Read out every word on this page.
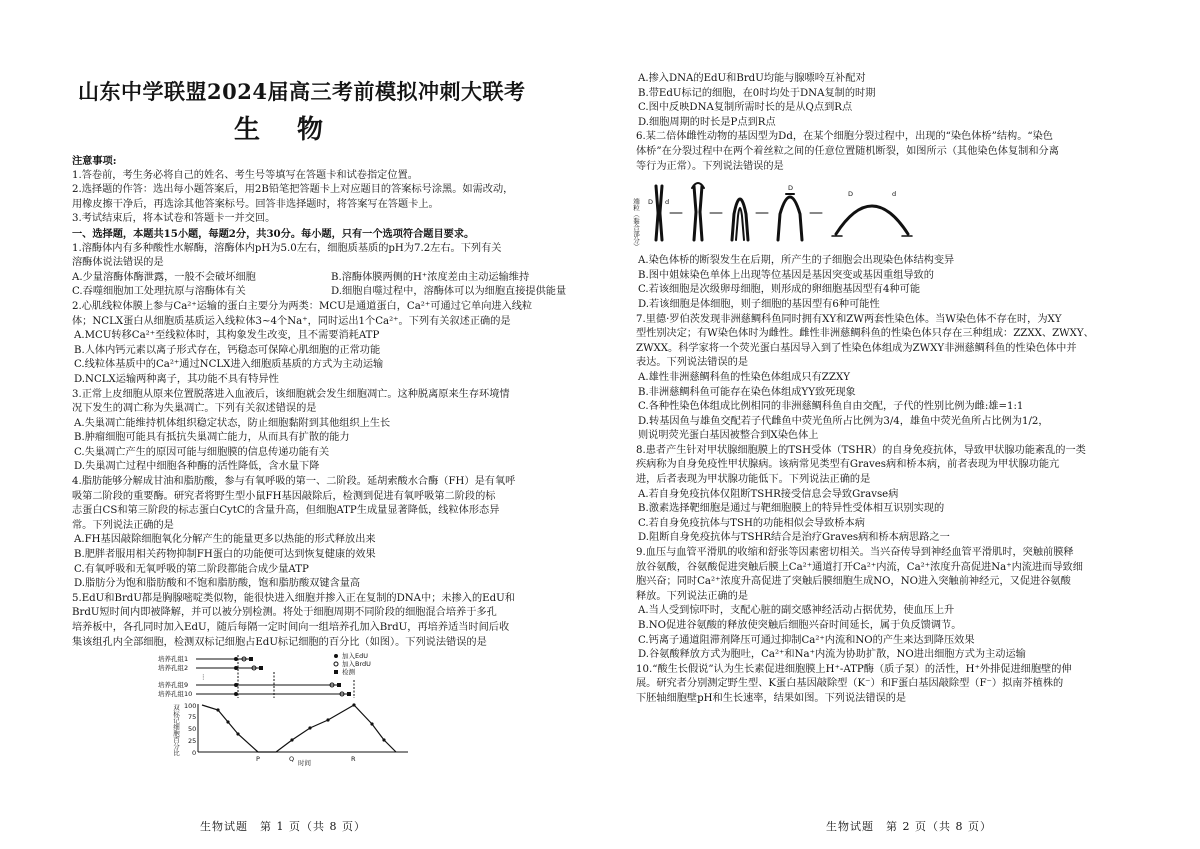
山东中学联盟2024届高三考前模拟冲刺大联考

生 物

注意事项:

1.答卷前，考生务必将自己的姓名、考生号等填写在答题卡和试卷指定位置。

2.选择题的作答：选出每小题答案后，用2B铅笔把答题卡上对应题目的答案标号涂黑。如需改动，

用橡皮擦干净后，再选涂其他答案标号。回答非选择题时，将答案写在答题卡上。

3.考试结束后，将本试卷和答题卡一并交回。

一、选择题，本题共15小题，每题2分，共30分。每小题，只有一个选项符合题目要求。

1.溶酶体内有多种酸性水解酶，溶酶体内pH为5.0左右，细胞质基质的pH为7.2左右。下列有关

溶酶体说法错误的是

A.少量溶酶体酶泄露，一般不会破坏细胞	B.溶酶体膜两侧的H⁺浓度差由主动运输维持
C.吞噬细胞加工处理抗原与溶酶体有关	D.细胞自噬过程中，溶酶体可以为细胞直接提供能量

2.心肌线粒体膜上参与Ca²⁺运输的蛋白主要分为两类：MCU是通道蛋白，Ca²⁺可通过它单向进入线粒

体；NCLX蛋白从细胞质基质运入线粒体3~4个Na⁺，同时运出1个Ca²⁺。下列有关叙述正确的是

A.MCU转移Ca²⁺至线粒体时，其构象发生改变，且不需要消耗ATP

B.人体内钙元素以离子形式存在，钙稳态可保障心肌细胞的正常功能

C.线粒体基质中的Ca²⁺通过NCLX进入细胞质基质的方式为主动运输

D.NCLX运输两种离子，其功能不具有特异性

3.正常上皮细胞从原来位置脱落进入血液后，该细胞就会发生细胞凋亡。这种脱离原来生存环境情

况下发生的凋亡称为失巢凋亡。下列有关叙述错误的是

A.失巢凋亡能维持机体组织稳定状态，防止细胞黏附到其他组织上生长

B.肿瘤细胞可能具有抵抗失巢凋亡能力，从而具有扩散的能力

C.失巢凋亡产生的原因可能与细胞膜的信息传递功能有关

D.失巢凋亡过程中细胞各种酶的活性降低，含水量下降

4.脂肪能够分解成甘油和脂肪酸，参与有氧呼吸的第一、二阶段。延胡索酸水合酶（FH）是有氧呼

吸第二阶段的重要酶。研究者将野生型小鼠FH基因敲除后，检测到促进有氧呼吸第二阶段的标

志蛋白CS和第三阶段的标志蛋白CytC的含量升高，但细胞ATP生成量显著降低，线粒体形态异

常。下列说法正确的是

A.FH基因敲除细胞氧化分解产生的能量更多以热能的形式释放出来

B.肥胖者服用相关药物抑制FH蛋白的功能便可达到恢复健康的效果

C.有氧呼吸和无氧呼吸的第二阶段都能合成少量ATP

D.脂肪分为饱和脂肪酸和不饱和脂肪酸，饱和脂肪酸双键含量高

5.EdU和BrdU都是胸腺嘧啶类似物，能很快进入细胞并掺入正在复制的DNA中；未掺入的EdU和

BrdU短时间内即被降解，并可以被分别检测。将处于细胞周期不同阶段的细胞混合培养于多孔

培养板中，各孔同时加入EdU，随后每隔一定时间向一组培养孔加入BrdU，再培养适当时间后收

集该组孔内全部细胞，检测双标记细胞占EdU标记细胞的百分比（如图）。下列说法错误的是

培养孔组1
培养孔组2
培养孔组9
培养孔组10
⋮
加入EdU
加入BrdU
检测
双标记细胞百分比 100
75
50
25
0
P	Q	R
时间
生物试题　第 1 页（共 8 页）

A.掺入DNA的EdU和BrdU均能与腺嘌呤互补配对

B.带EdU标记的细胞，在0时均处于DNA复制的时期

C.图中反映DNA复制所需时长的是从Q点到R点

D.细胞周期的时长是P点到R点

6.某二倍体雌性动物的基因型为Dd，在某个细胞分裂过程中，出现的“染色体桥”结构。“染色

体桥”在分裂过程中在两个着丝粒之间的任意位置随机断裂，如图所示（其他染色体复制和分离

等行为正常）。下列说法错误的是

端粒（黏合部分） D d
D
D	d

A.染色体桥的断裂发生在后期，所产生的子细胞会出现染色体结构变异

B.图中姐妹染色单体上出现等位基因是基因突变或基因重组导致的

C.若该细胞是次级卵母细胞，则形成的卵细胞基因型有4种可能

D.若该细胞是体细胞，则子细胞的基因型有6种可能性

7.里德·罗伯茨发现非洲慈鲷科鱼同时拥有XY和ZW两套性染色体。当W染色体不存在时，为XY

型性别决定；有W染色体时为雌性。雌性非洲慈鲷科鱼的性染色体只存在三种组成：ZZXX、ZWXY、

ZWXX。科学家将一个荧光蛋白基因导入到了性染色体组成为ZWXY非洲慈鲷科鱼的性染色体中并

表达。下列说法错误的是

A.雄性非洲慈鲷科鱼的性染色体组成只有ZZXY

B.非洲慈鲷科鱼可能存在染色体组成YY致死现象

C.各种性染色体组成比例相同的非洲慈鲷科鱼自由交配，子代的性别比例为雌:雄=1:1

D.转基因鱼与雄鱼交配若子代雌鱼中荧光鱼所占比例为3/4，雄鱼中荧光鱼所占比例为1/2，

则说明荧光蛋白基因被整合到X染色体上

8.患者产生针对甲状腺细胞膜上的TSH受体（TSHR）的自身免疫抗体，导致甲状腺功能紊乱的一类

疾病称为自身免疫性甲状腺病。该病常见类型有Graves病和桥本病，前者表现为甲状腺功能亢

进，后者表现为甲状腺功能低下。下列说法正确的是

A.若自身免疫抗体仅阻断TSHR接受信息会导致Gravse病

B.激素选择靶细胞是通过与靶细胞膜上的特异性受体相互识别实现的

C.若自身免疫抗体与TSH的功能相似会导致桥本病

D.阻断自身免疫抗体与TSHR结合是治疗Graves病和桥本病思路之一

9.血压与血管平滑肌的收缩和舒张等因素密切相关。当兴奋传导到神经血管平滑肌时，突触前膜释

放谷氨酸，谷氨酸促进突触后膜上Ca²⁺通道打开Ca²⁺内流，Ca²⁺浓度升高促进Na⁺内流进而导致细

胞兴奋；同时Ca²⁺浓度升高促进了突触后膜细胞生成NO，NO进入突触前神经元，又促进谷氨酸

释放。下列说法正确的是

A.当人受到惊吓时，支配心脏的副交感神经活动占据优势，使血压上升

B.NO促进谷氨酸的释放使突触后细胞兴奋时间延长，属于负反馈调节。

C.钙离子通道阻滞剂降压可通过抑制Ca²⁺内流和NO的产生来达到降压效果

D.谷氨酸释放方式为胞吐，Ca²⁺和Na⁺内流为协助扩散，NO进出细胞方式为主动运输

10.“酸生长假说”认为生长素促进细胞膜上H⁺-ATP酶（质子泵）的活性，H⁺外排促进细胞壁的伸

展。研究者分别测定野生型、K蛋白基因敲除型（K⁻）和F蛋白基因敲除型（F⁻）拟南芥植株的

下胚轴细胞壁pH和生长速率，结果如图。下列说法错误的是

生物试题　第 2 页（共 8 页）
